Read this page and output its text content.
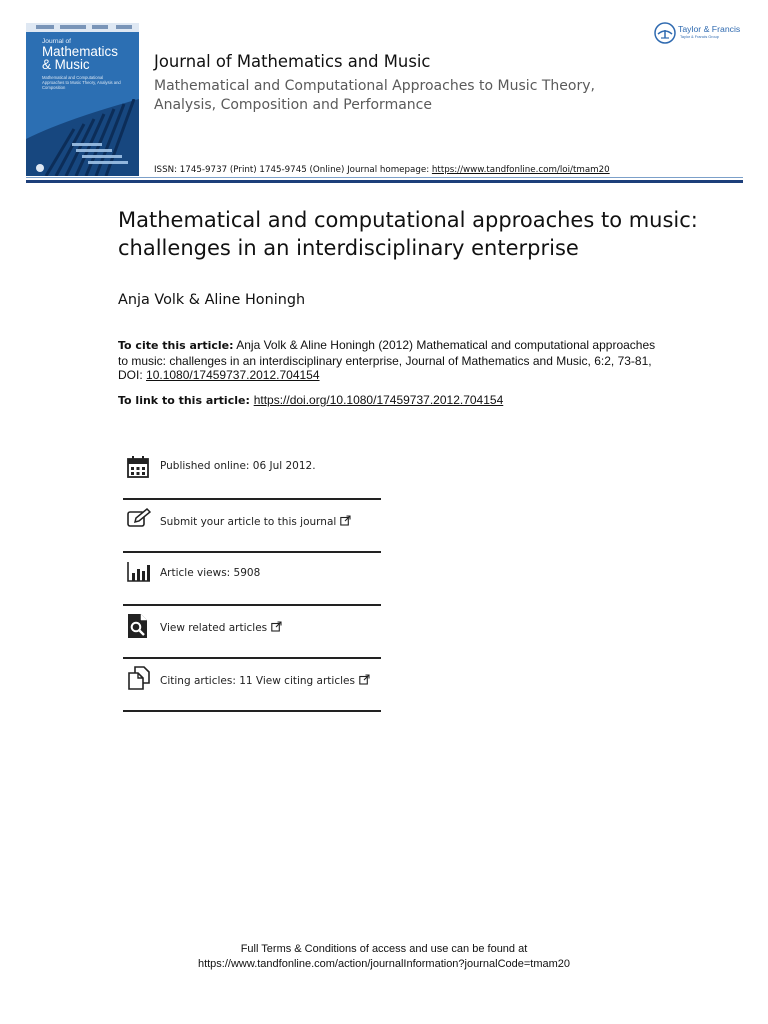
Journal of
Mathematics
& Music
Mathematical and Computational Approaches to Music Theory, Analysis and Composition
Journal of Mathematics and Music
Mathematical and Computational Approaches to Music Theory, Analysis, Composition and Performance
ISSN: 1745-9737 (Print) 1745-9745 (Online) Journal homepage: https://www.tandfonline.com/loi/tmam20
Taylor & Francis
Taylor & Francis Group
Mathematical and computational approaches to music: challenges in an interdisciplinary enterprise
Anja Volk & Aline Honingh
To cite this article: Anja Volk & Aline Honingh (2012) Mathematical and computational approaches to music: challenges in an interdisciplinary enterprise, Journal of Mathematics and Music, 6:2, 73-81, DOI: 10.1080/17459737.2012.704154
To link to this article: https://doi.org/10.1080/17459737.2012.704154
Published online: 06 Jul 2012.
Submit your article to this journal
Article views: 5908
View related articles
Citing articles: 11 View citing articles
Full Terms & Conditions of access and use can be found at
https://www.tandfonline.com/action/journalInformation?journalCode=tmam20
